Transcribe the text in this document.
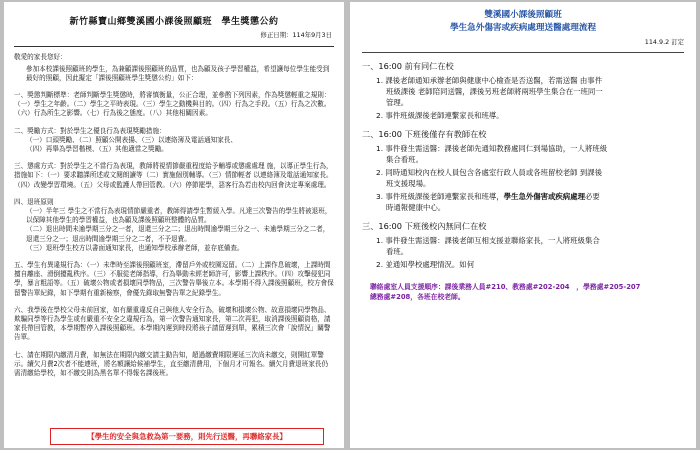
新竹縣寶山鄉雙溪國小課後照顧班　學生獎懲公約
修正日期：114年9月3日

敬愛的家長您好：

參加本校課後照顧班的學生，為兼顧課後照顧班的品質，也為顧及孩子學習權益，希望讓每位學生能受到最好的照顧，因此擬定「課後照顧班學生獎懲公約」如下：

一、獎懲判斷標準：老師判斷學生獎懲時，將審慎衡量，公正合理，並參酌下列因素，作為獎懲輕重之規則：（一）學生之年齡。（二）學生之平時表現。（三）學生之動機與目的。（四）行為之手段。（五）行為之次數。（六）行為所生之影響。（七）行為後之態度。（八）其他相關因素。

二、獎勵方式：對於學生之優良行為表現獎勵措施：

（一）口頭獎勵、（二）照顧公開表揚、（三）以連絡簿及電話通知家長、

（四）再舉為學習楷模、（五）其他適當之獎勵。

三、懲處方式：對於學生之不當行為表現，教師將視情節嚴重程度給予輔導或懲處處理 施，以導正學生行為，措施如下：（一）要求聽課所述或文閱朗讀等（二）實施個別輔導。（三）情節輕者 以連絡簿及電話通知家長。（四）改變學習環境。（五）父母或監護人帶回管教。（六）停節罷學，惡客行為若由校內回會決定專案處理。

四、退班原則

（一）半年三 學生之不當行為表現情節嚴重者，教師得請學生暫緩入學。凡達三次警告的學生將被退班，以保障其他學生的學習權益，也為顧及課後照顧班整體的品質。

（二）退出時間未逾學期三分之一者，退還三分之二；退出時間逾學期三分之一、未逾學期三分之二者，退還三分之一；退出時間逾學期三分之二者，不予退費。

（三）退班學生校方以書面通知家長，也通知學校承辦老師，並存底備查。

五、學生有異違規行為：（一）未準時至課後照顧班室，滯留戶外或校園逗留。（二）上課作息破壞，上課時間擅自離座、滑倒擾亂秩序。（三）不服從老師指導，行為舉動未經老師許可，影響上課秩序。（四）攻擊侵犯同學，暴言粗語等。（五）破壞公物或者損壞同學物品，三次警告舉後立本。本學期不得入課後照顧班，校方會保留警告單紀錄，如下學期有重新檢察，會優先錄取無警告單之紀錄學生。

六、我學後在學校父母未前回家，如有嚴重違反自己與他人安全行為，破壞和損壞公物、故意損壞同學物品、欺騙同學等行為學生或有嚴重不安全之違規行為，第一次警告通知家長，第二次再犯，取消課後照顧資格，請家長帶回管教，本學期暫停入課後照顧班。本學期內遲到時段將孩子請留遲到單，累積三次會「說情況」關警告單。

七、請在期限內繳清月費，如無法在期限內繳交請主動告知，超過繳費期限遲延三次尚未繳交，則開紅單警示。續欠月費2次者不能連班，將名額讓給候補學生，直至繳清費用，下個月才可報名。續欠月費退班家長仍需清繳給學校，如不繳交則為黑名單不得報名課後班。

雙溪國小課後照顧班
學生急外傷害或疾病處理送醫處理流程
114.9.2 訂定

一、16:00 前有同仁在校

1. 課後老師通知承辦老師與健康中心檢查是否送醫，若需送醫 由事件
班級課後 老師陪同送醫，課後另班老師將兩班學生集合在一班同一
管理。

2. 事件班級課後老師連繫家長和班導。

二、16:00 下班後僅存有教師在校

1. 事件發生需送醫：課後老師先通知教務處同仁到場協助，一人將班級
集合看班。

2. 同時通知校內在校人員包含各處室行政人員或各班留校老師 到課後
班支援現場。

3. 事件班級課後老師連繫家長和班導，學生急外傷害或疾病處理必要
時通報健康中心。

三、16:00 下班後校內無同仁在校

1. 事件發生需送醫：課後老師互相支援並聯絡家長，一人將班級集合
看班。

2. 並通知學校處理情況。如何

聯絡處室人員支援順序：課後業務人員#210、教務處#202-204　，學務處#205-207
總務處#208，各班在校老師。
【學生的安全與急救為第一要務，則先行送醫，再聯絡家長】
